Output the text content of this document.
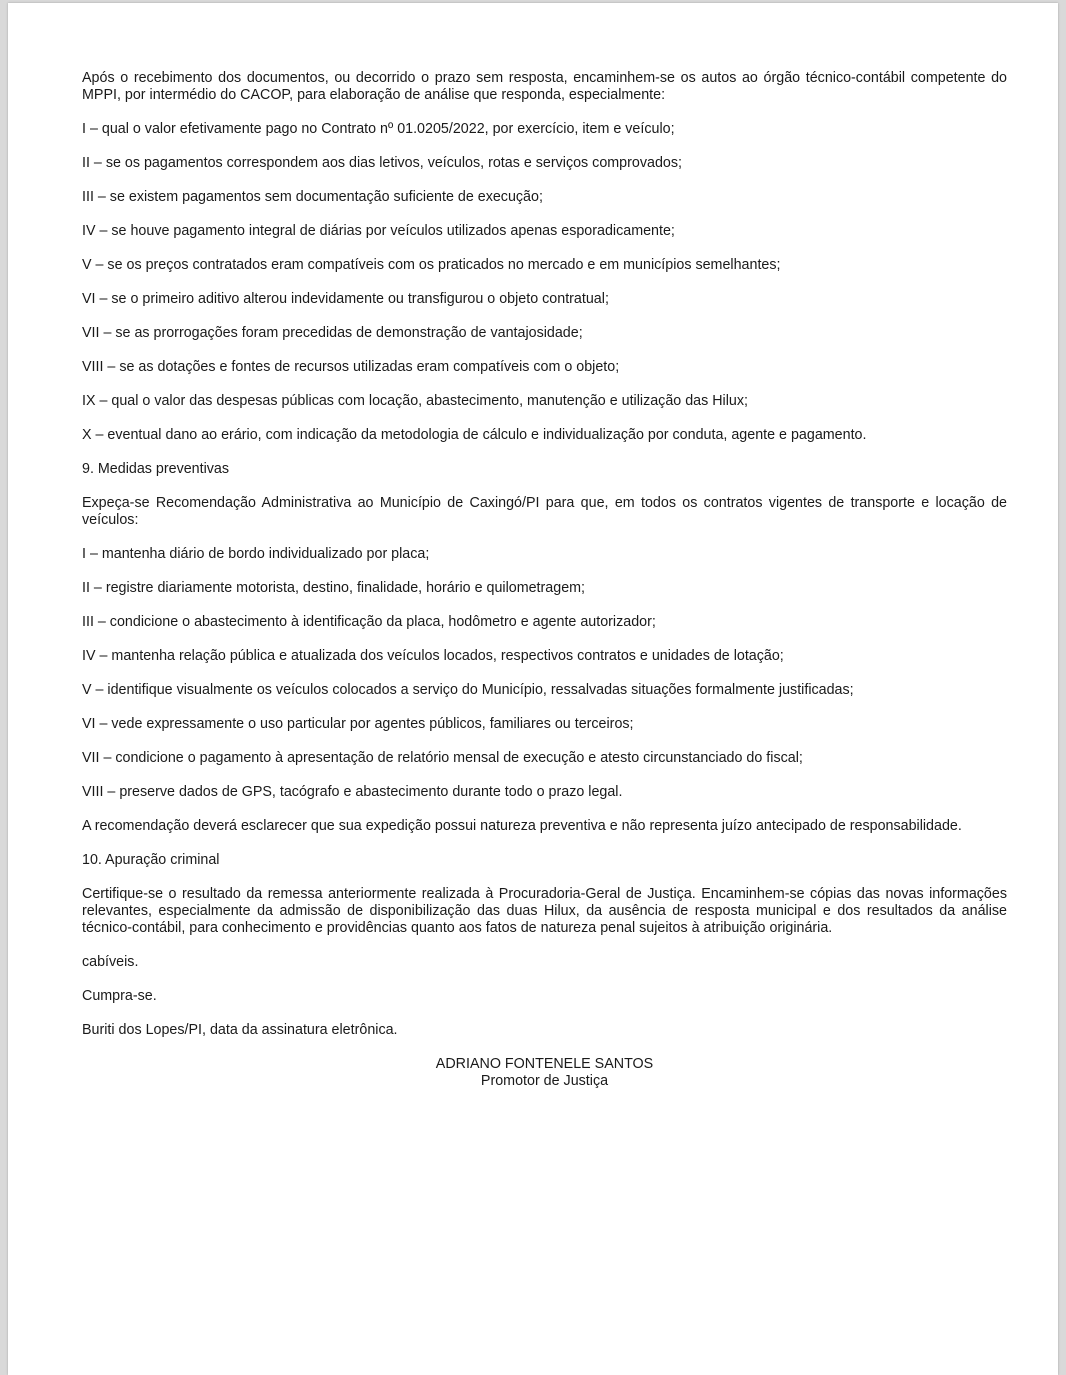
Após o recebimento dos documentos, ou decorrido o prazo sem resposta, encaminhem-se os autos ao órgão técnico-contábil competente do MPPI, por intermédio do CACOP, para elaboração de análise que responda, especialmente:

I – qual o valor efetivamente pago no Contrato nº 01.0205/2022, por exercício, item e veículo;

II – se os pagamentos correspondem aos dias letivos, veículos, rotas e serviços comprovados;

III – se existem pagamentos sem documentação suficiente de execução;

IV – se houve pagamento integral de diárias por veículos utilizados apenas esporadicamente;

V – se os preços contratados eram compatíveis com os praticados no mercado e em municípios semelhantes;

VI – se o primeiro aditivo alterou indevidamente ou transfigurou o objeto contratual;

VII – se as prorrogações foram precedidas de demonstração de vantajosidade;

VIII – se as dotações e fontes de recursos utilizadas eram compatíveis com o objeto;

IX – qual o valor das despesas públicas com locação, abastecimento, manutenção e utilização das Hilux;

X – eventual dano ao erário, com indicação da metodologia de cálculo e individualização por conduta, agente e pagamento.

9. Medidas preventivas

Expeça-se Recomendação Administrativa ao Município de Caxingó/PI para que, em todos os contratos vigentes de transporte e locação de veículos:

I – mantenha diário de bordo individualizado por placa;

II – registre diariamente motorista, destino, finalidade, horário e quilometragem;

III – condicione o abastecimento à identificação da placa, hodômetro e agente autorizador;

IV – mantenha relação pública e atualizada dos veículos locados, respectivos contratos e unidades de lotação;

V – identifique visualmente os veículos colocados a serviço do Município, ressalvadas situações formalmente justificadas;

VI – vede expressamente o uso particular por agentes públicos, familiares ou terceiros;

VII – condicione o pagamento à apresentação de relatório mensal de execução e atesto circunstanciado do fiscal;

VIII – preserve dados de GPS, tacógrafo e abastecimento durante todo o prazo legal.

A recomendação deverá esclarecer que sua expedição possui natureza preventiva e não representa juízo antecipado de responsabilidade.

10. Apuração criminal

Certifique-se o resultado da remessa anteriormente realizada à Procuradoria-Geral de Justiça. Encaminhem-se cópias das novas informações relevantes, especialmente da admissão de disponibilização das duas Hilux, da ausência de resposta municipal e dos resultados da análise técnico-contábil, para conhecimento e providências quanto aos fatos de natureza penal sujeitos à atribuição originária.

cabíveis.

Cumpra-se.

Buriti dos Lopes/PI, data da assinatura eletrônica.

ADRIANO FONTENELE SANTOS
Promotor de Justiça
